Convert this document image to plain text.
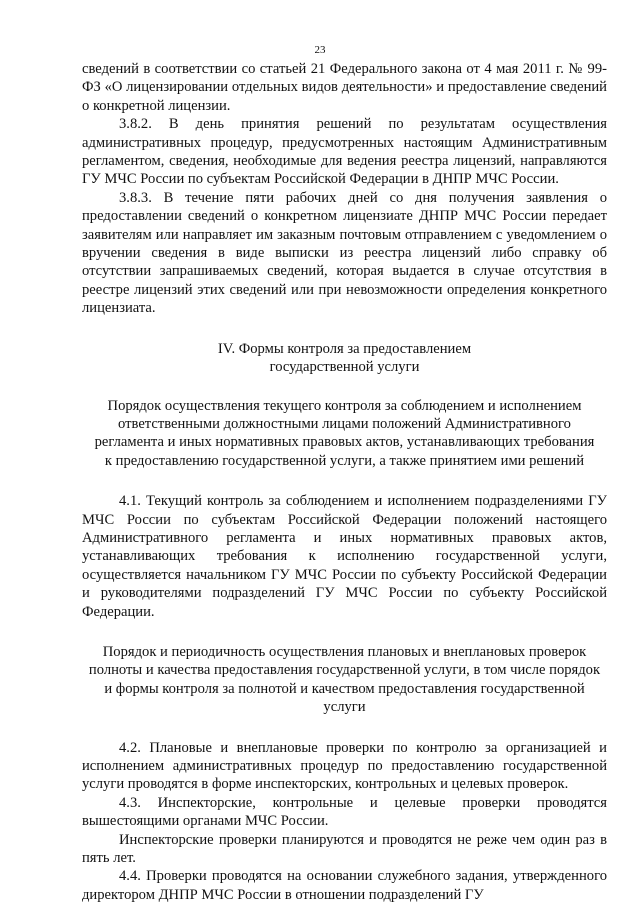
23

сведений в соответствии со статьей 21 Федерального закона от 4 мая 2011 г. № 99-ФЗ «О лицензировании отдельных видов деятельности» и предоставление сведений о конкретной лицензии.

3.8.2. В день принятия решений по результатам осуществления административных процедур, предусмотренных настоящим Административным регламентом, сведения, необходимые для ведения реестра лицензий, направляются ГУ МЧС России по субъектам Российской Федерации в ДНПР МЧС России.

3.8.3. В течение пяти рабочих дней со дня получения заявления о предоставлении сведений о конкретном лицензиате ДНПР МЧС России передает заявителям или направляет им заказным почтовым отправлением с уведомлением о вручении сведения в виде выписки из реестра лицензий либо справку об отсутствии запрашиваемых сведений, которая выдается в случае отсутствия в реестре лицензий этих сведений или при невозможности определения конкретного лицензиата.

IV. Формы контроля за предоставлением государственной услуги

Порядок осуществления текущего контроля за соблюдением и исполнением ответственными должностными лицами положений Административного регламента и иных нормативных правовых актов, устанавливающих требования к предоставлению государственной услуги, а также принятием ими решений

4.1. Текущий контроль за соблюдением и исполнением подразделениями ГУ МЧС России по субъектам Российской Федерации положений настоящего Административного регламента и иных нормативных правовых актов, устанавливающих требования к исполнению государственной услуги, осуществляется начальником ГУ МЧС России по субъекту Российской Федерации и руководителями подразделений ГУ МЧС России по субъекту Российской Федерации.

Порядок и периодичность осуществления плановых и внеплановых проверок полноты и качества предоставления государственной услуги, в том числе порядок и формы контроля за полнотой и качеством предоставления государственной услуги

4.2. Плановые и внеплановые проверки по контролю за организацией и исполнением административных процедур по предоставлению государственной услуги проводятся в форме инспекторских, контрольных и целевых проверок.

4.3. Инспекторские, контрольные и целевые проверки проводятся вышестоящими органами МЧС России.

Инспекторские проверки планируются и проводятся не реже чем один раз в пять лет.

4.4. Проверки проводятся на основании служебного задания, утвержденного директором ДНПР МЧС России в отношении подразделений ГУ
